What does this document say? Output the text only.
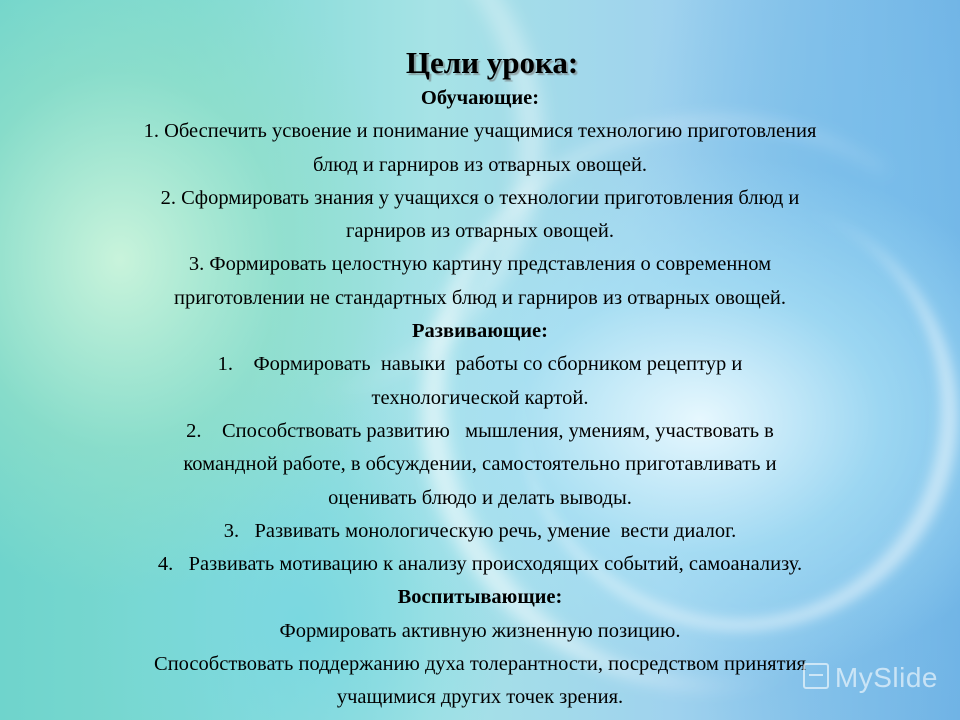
Цели урока:

Обучающие:

1. Обеспечить усвоение и понимание учащимися технологию приготовления

блюд и гарниров из отварных овощей.

2. Сформировать знания у учащихся о технологии приготовления блюд и

гарниров из отварных овощей.

3. Формировать целостную картину представления о современном

приготовлении не стандартных блюд и гарниров из отварных овощей.

Развивающие:

1.    Формировать  навыки  работы со сборником рецептур и

технологической картой.

2.    Способствовать развитию   мышления, умениям, участвовать в

командной работе, в обсуждении, самостоятельно приготавливать и

оценивать блюдо и делать выводы.

3.   Развивать монологическую речь, умение  вести диалог.

4.   Развивать мотивацию к анализу происходящих событий, самоанализу.

Воспитывающие:

Формировать активную жизненную позицию.

Способствовать поддержанию духа толерантности, посредством принятия

учащимися других точек зрения.

MySlide
